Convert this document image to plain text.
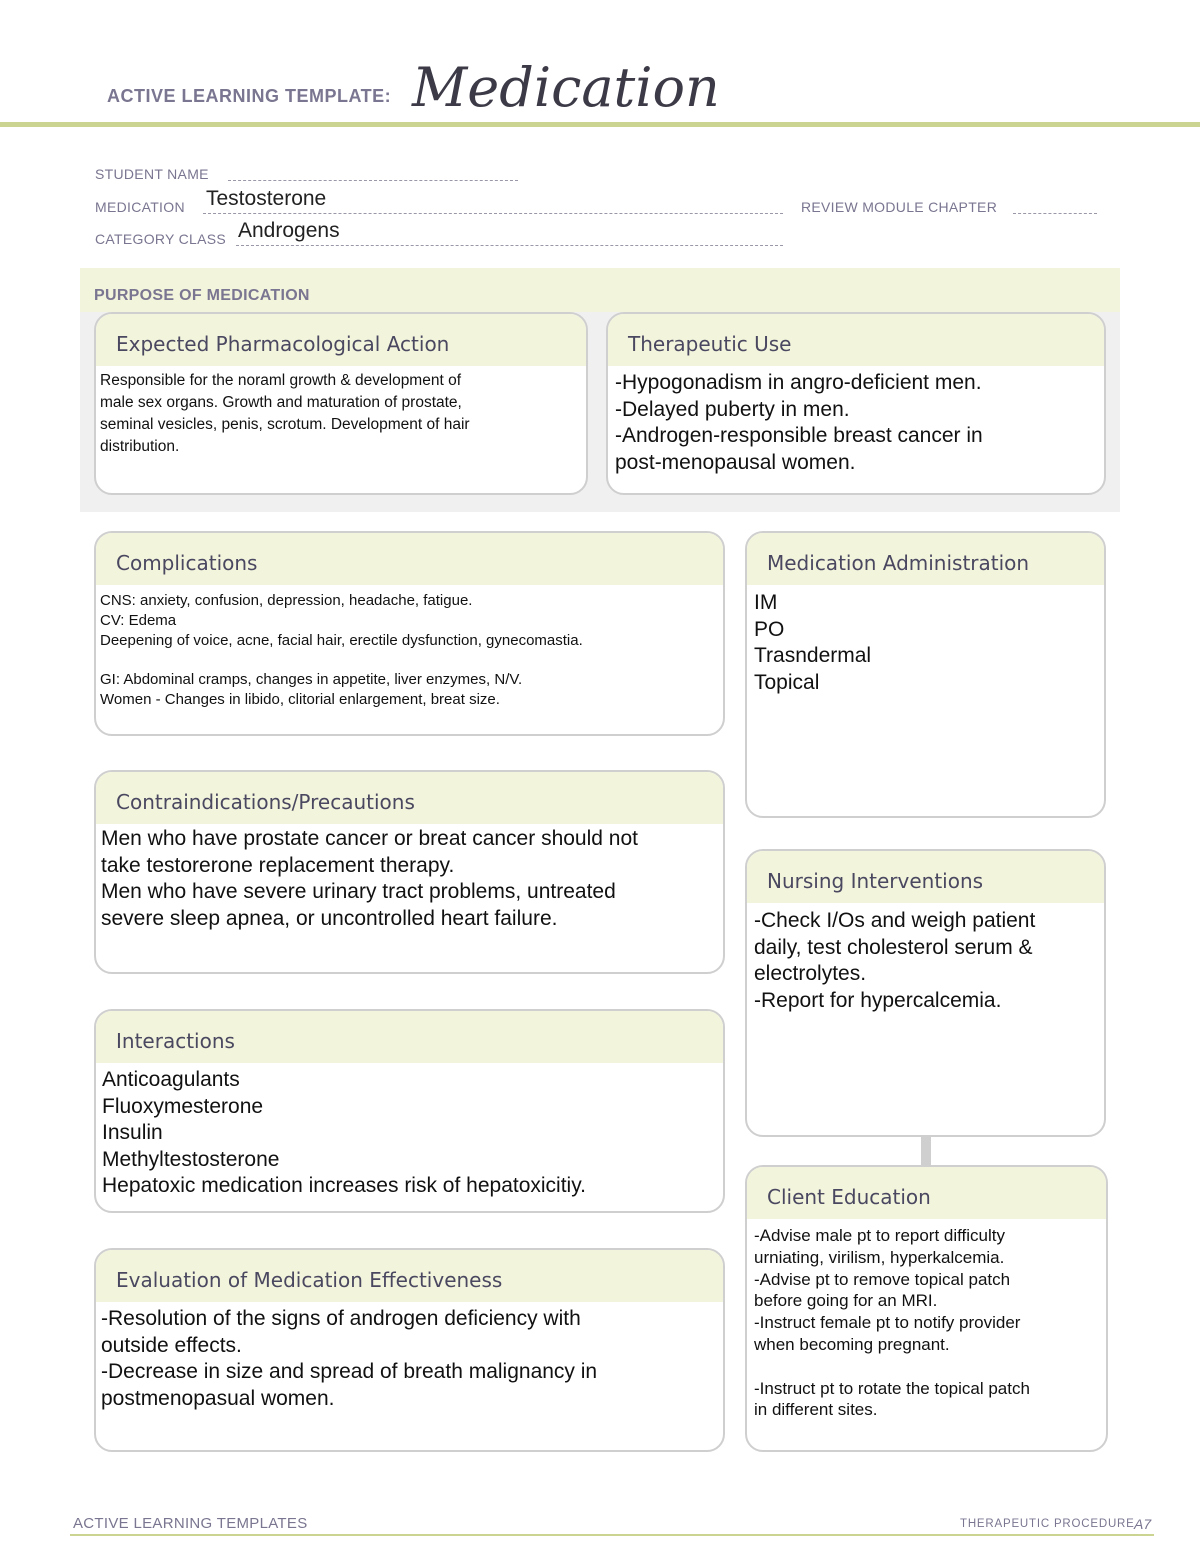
ACTIVE LEARNING TEMPLATE: Medication
STUDENT NAME
MEDICATION Testosterone	REVIEW MODULE CHAPTER
CATEGORY CLASS Androgens
PURPOSE OF MEDICATION
Expected Pharmacological Action
Responsible for the noraml growth & development of
male sex organs. Growth and maturation of prostate,
seminal vesicles, penis, scrotum. Development of hair
distribution.
Therapeutic Use
-Hypogonadism in angro-deficient men.
-Delayed puberty in men.
-Androgen-responsible breast cancer in
post-menopausal women.
Complications
CNS: anxiety, confusion, depression, headache, fatigue.
CV: Edema
Deepening of voice, acne, facial hair, erectile dysfunction, gynecomastia.
GI: Abdominal cramps, changes in appetite, liver enzymes, N/V.
Women - Changes in libido, clitorial enlargement, breat size.
Medication Administration
IM
PO
Trasndermal
Topical
Contraindications/Precautions
Men who have prostate cancer or breat cancer should not
take testorerone replacement therapy.
Men who have severe urinary tract problems, untreated
severe sleep apnea, or uncontrolled heart failure.
Nursing Interventions
-Check I/Os and weigh patient
daily, test cholesterol serum &
electrolytes.
-Report for hypercalcemia.
Interactions
Anticoagulants
Fluoxymesterone
Insulin
Methyltestosterone
Hepatoxic medication increases risk of hepatoxicitiy.	Client Education
-Advise male pt to report difficulty
urniating, virilism, hyperkalcemia.
-Advise pt to remove topical patch
before going for an MRI.
-Instruct female pt to notify provider
when becoming pregnant.
-Instruct pt to rotate the topical patch
in different sites.
Evaluation of Medication Effectiveness
-Resolution of the signs of androgen deficiency with
outside effects.
-Decrease in size and spread of breath malignancy in
postmenopasual women.
ACTIVE LEARNING TEMPLATES	THERAPEUTIC PROCEDURE A7
